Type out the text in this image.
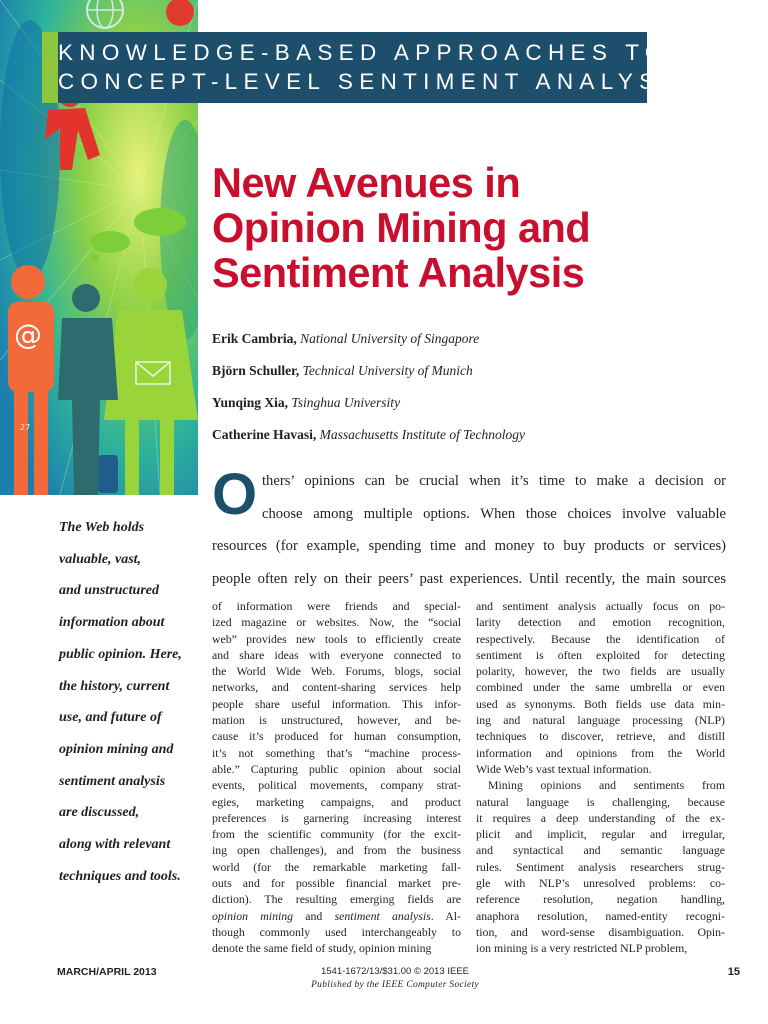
@
27
KNOWLEDGE-BASED APPROACHES TO
CONCEPT-LEVEL SENTIMENT ANALYSIS
New Avenues in
Opinion Mining and
Sentiment Analysis
Erik Cambria, National University of Singapore
Björn Schuller, Technical University of Munich
Yunqing Xia, Tsinghua University
Catherine Havasi, Massachusetts Institute of Technology
The Web holds
valuable, vast,
and unstructured
information about
public opinion. Here,
the history, current
use, and future of
opinion mining and
sentiment analysis
are discussed,
along with relevant
techniques and tools.
O thers’ opinions can be crucial when it’s time to make a decision or
choose among multiple options. When those choices involve valuable
resources (for example, spending time and money to buy products or services)
people often rely on their peers’ past experiences. Until recently, the main sources
of information were friends and special-
ized magazine or websites. Now, the “social
web” provides new tools to efficiently create
and share ideas with everyone connected to
the World Wide Web. Forums, blogs, social
networks, and content-sharing services help
people share useful information. This infor-
mation is unstructured, however, and be-
cause it’s produced for human consumption,
it’s not something that’s “machine process-
able.” Capturing public opinion about social
events, political movements, company strat-
egies, marketing campaigns, and product
preferences is garnering increasing interest
from the scientific community (for the excit-
ing open challenges), and from the business
world (for the remarkable marketing fall-
outs and for possible financial market pre-
diction). The resulting emerging fields are
opinion mining and sentiment analysis. Al-
though commonly used interchangeably to
denote the same field of study, opinion mining
and sentiment analysis actually focus on po-
larity detection and emotion recognition,
respectively. Because the identification of
sentiment is often exploited for detecting
polarity, however, the two fields are usually
combined under the same umbrella or even
used as synonyms. Both fields use data min-
ing and natural language processing (NLP)
techniques to discover, retrieve, and distill
information and opinions from the World
Wide Web’s vast textual information.
Mining opinions and sentiments from
natural language is challenging, because
it requires a deep understanding of the ex-
plicit and implicit, regular and irregular,
and syntactical and semantic language
rules. Sentiment analysis researchers strug-
gle with NLP’s unresolved problems: co-
reference resolution, negation handling,
anaphora resolution, named-entity recogni-
tion, and word-sense disambiguation. Opin-
ion mining is a very restricted NLP problem,
MARCH/APRIL 2013	1541-1672/13/$31.00 © 2013 IEEE
Published by the IEEE Computer Society
15
